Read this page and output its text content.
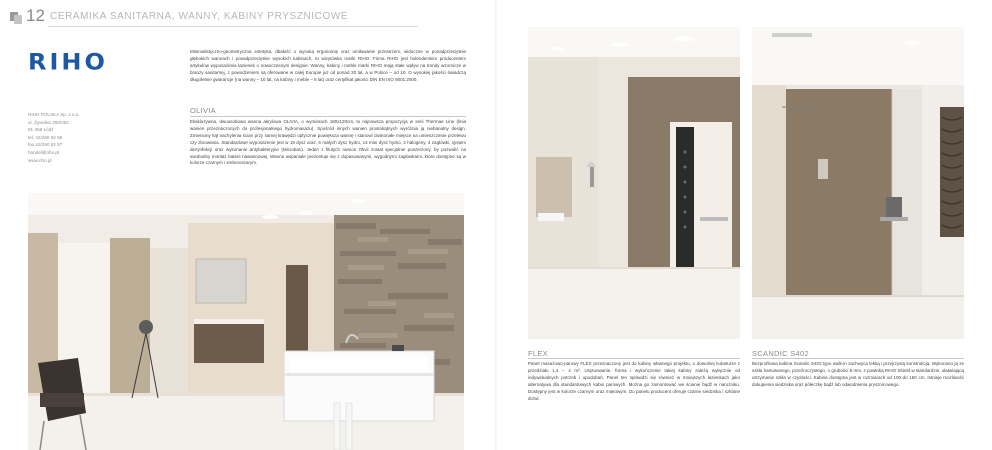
12 CERAMIKA SANITARNA, WANNY, KABINY PRYSZNICOWE
RIHO
RIHO POLSKA Sp. z o.o.
ul. Żywnika 250/252
91-369 Łódź
tel. 42/250 62 58
fax 42/250 62 57
handel@riho.pl
www.riho.pl
Minimalistyczno-geometryczna estetyka, dbałość o wysoką ergonomię oraz umiłowanie przestrzeni, widoczne w ponadprzeciętnie głębokich wannach i ponadprzeciętnie wysokich kabinach, to wizytówka marki RIHO. Firma RIHO jest holenderskim producentem artykułów wyposażenia łazienek o nowoczesnym designie. Wanny, kabiny i meble marki RIHO mają stałe wpływ na trendy wzornicze w branży sanitarnej, z powodzeniem są oferowane w całej Europie już od ponad 20 lat, a w Polsce – od 10. O wysokiej jakości świadczą długoletnie gwarancje (na wanny – 10 lat, na kabiny i meble – 5 lat) oraz certyfikat jakości DIN EN ISO 9001:2000.
OLIVIA
Ekskluzywna, dwuosobowa wanna akrylowa OLIVIA, o wymiarach 180x120cm, to najnowsza propozycja w serii Thermae Line (linia wanien przeznaczonych do profesjonalnego hydromasażu). Spośród innych wanien prostokątnych wyróżnia ją niebanalny design. Zmieniony kąt nachylenia ścian przy samej krawędzi optycznie powiększa wannę i stanowi doskonałe miejsce na umieszczenie przelewu czy zbrowania. Standardowe wyposażenie jest w 19 dysz oraz, 6 małych dysz hydro, 14 mini dysz hydro, 2 halogeny, 4 zagłówki, system dezynfekcji oraz wykonanie antybakteryjne (Microban). Jeden z filutych ramion Olivii został specjalnie poszerzony, by pozwolić na swobodny montaż baterii nawannowej. Wanna wspaniale prezentuje się z dopasowanymi, wygodnymi zagłówkami, które dostępne są w kolorze czarnym i srebrnoszarym.
FLEX
Panel masażowo-parowy FLEX przeznaczony jest do kabiny własnego projektu, o dowolnej kubaturze z przedziału 1,4 – 4 m³. Usytuowanie, forma i wykończenie takiej kabiny zależą wyłącznie od indywidualnych potrzeb i upodobań. Panel ten sprawdzi się również w mniejszych łazienkach jako alternatywa dla standardowych kabin parowych. Można go zamontować we ścianie bądź w narożniku. Dostępny jest w kolorze czarnym oraz miętowym. Do panelu producent oferuje czarne siedziska i szklane drzwi.
SCANDIC S402
Bezprofilowa kabina Scandic S402 typu walk-in zachwyca lekką i przejrzystą konstrukcją. Wykonano ją ze szkła hartowanego, przeźroczystego, o grubości 8 mm, z powłoką RIHO Shield w standardzie, ułatwiającą utrzymanie szkła w czystości. Kabina dostępna jest w rozmiarach od 100 do 160 cm. Istnieje możliwość dokupienia siedziska oraz półeczkę bądź lub odwodnienia prysznicowego.
